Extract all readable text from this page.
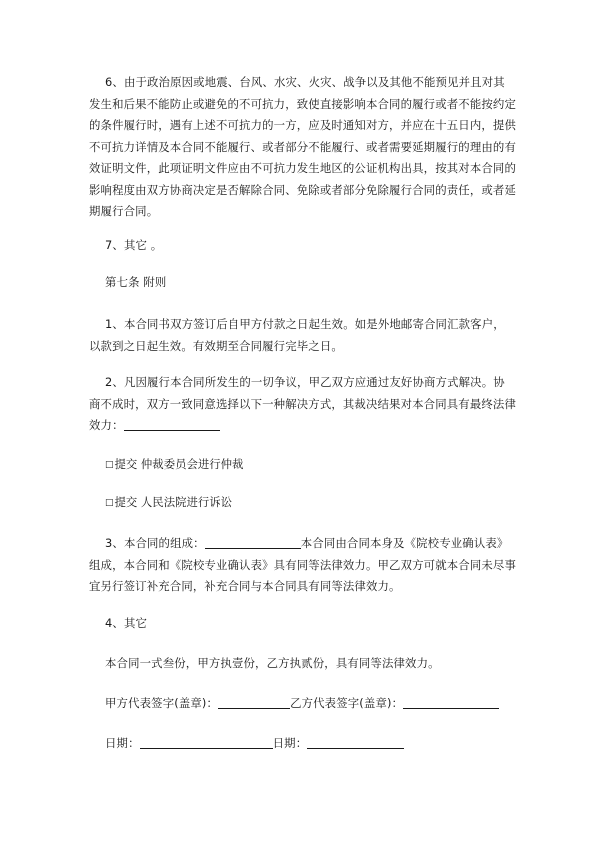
6、由于政治原因或地震、台风、水灾、火灾、战争以及其他不能预见并且对其
发生和后果不能防止或避免的不可抗力，致使直接影响本合同的履行或者不能按约定
的条件履行时，遇有上述不可抗力的一方，应及时通知对方，并应在十五日内，提供
不可抗力详情及本合同不能履行、或者部分不能履行、或者需要延期履行的理由的有
效证明文件，此项证明文件应由不可抗力发生地区的公证机构出具，按其对本合同的
影响程度由双方协商决定是否解除合同、免除或者部分免除履行合同的责任，或者延
期履行合同。
7、其它 。
第七条 附则
1、本合同书双方签订后自甲方付款之日起生效。如是外地邮寄合同汇款客户，
以款到之日起生效。有效期至合同履行完毕之日。
2、凡因履行本合同所发生的一切争议，甲乙双方应通过友好协商方式解决。协
商不成时，双方一致同意选择以下一种解决方式，其裁决结果对本合同具有最终法律
效力：
□提交 仲裁委员会进行仲裁
□提交 人民法院进行诉讼
3、本合同的组成：	本合同由合同本身及《院校专业确认表》
组成，本合同和《院校专业确认表》具有同等法律效力。甲乙双方可就本合同未尽事
宜另行签订补充合同，补充合同与本合同具有同等法律效力。
4、其它
本合同一式叁份，甲方执壹份，乙方执贰份，具有同等法律效力。
甲方代表签字(盖章)：	乙方代表签字(盖章)：
日期：	日期：
